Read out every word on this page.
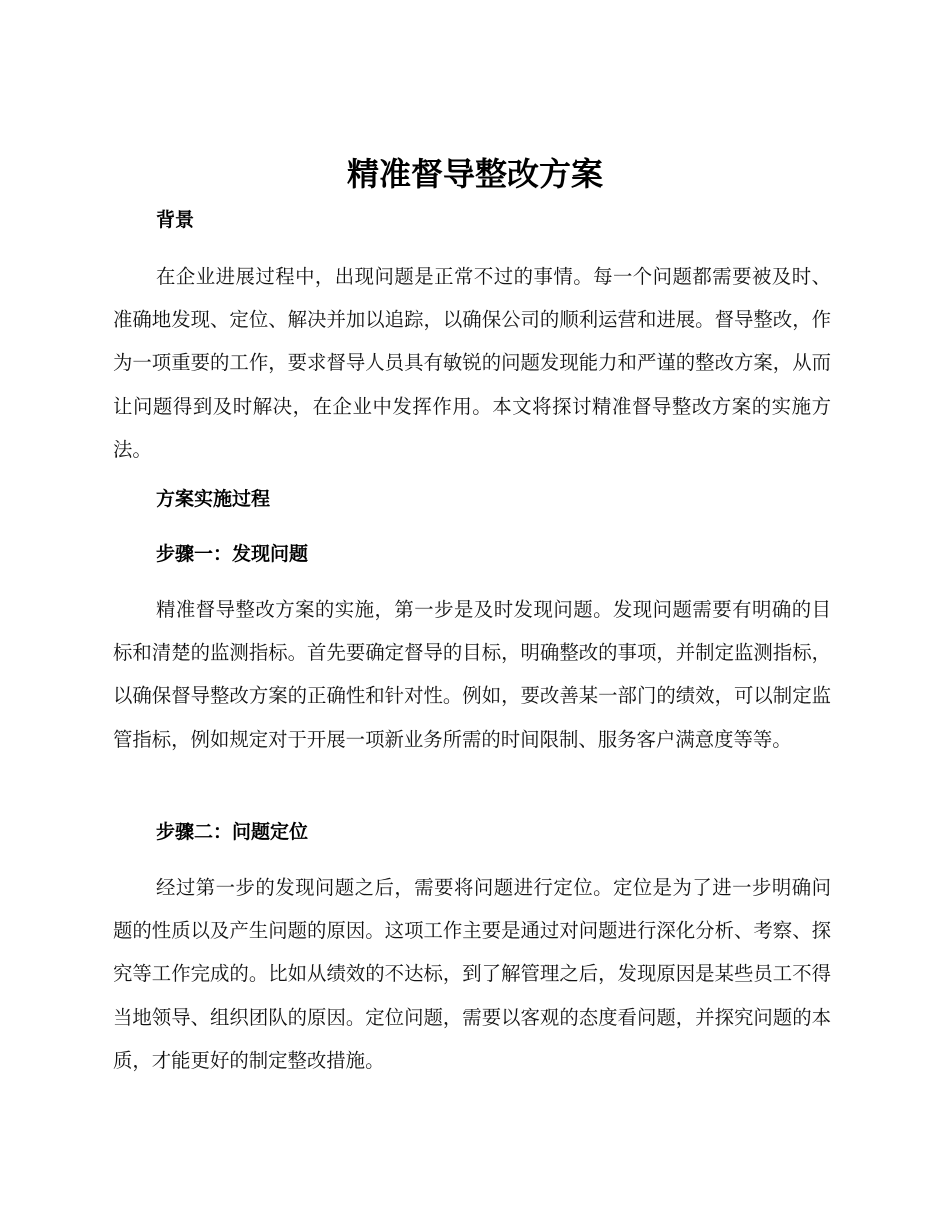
精准督导整改方案
背景

在企业进展过程中，出现问题是正常不过的事情。每一个问题都需要被及时、准确地发现、定位、解决并加以追踪，以确保公司的顺利运营和进展。督导整改，作为一项重要的工作，要求督导人员具有敏锐的问题发现能力和严谨的整改方案，从而让问题得到及时解决，在企业中发挥作用。本文将探讨精准督导整改方案的实施方法。

方案实施过程
步骤一：发现问题

精准督导整改方案的实施，第一步是及时发现问题。发现问题需要有明确的目标和清楚的监测指标。首先要确定督导的目标，明确整改的事项，并制定监测指标，以确保督导整改方案的正确性和针对性。例如，要改善某一部门的绩效，可以制定监管指标，例如规定对于开展一项新业务所需的时间限制、服务客户满意度等等。

步骤二：问题定位

经过第一步的发现问题之后，需要将问题进行定位。定位是为了进一步明确问题的性质以及产生问题的原因。这项工作主要是通过对问题进行深化分析、考察、探究等工作完成的。比如从绩效的不达标，到了解管理之后，发现原因是某些员工不得当地领导、组织团队的原因。定位问题，需要以客观的态度看问题，并探究问题的本质，才能更好的制定整改措施。
